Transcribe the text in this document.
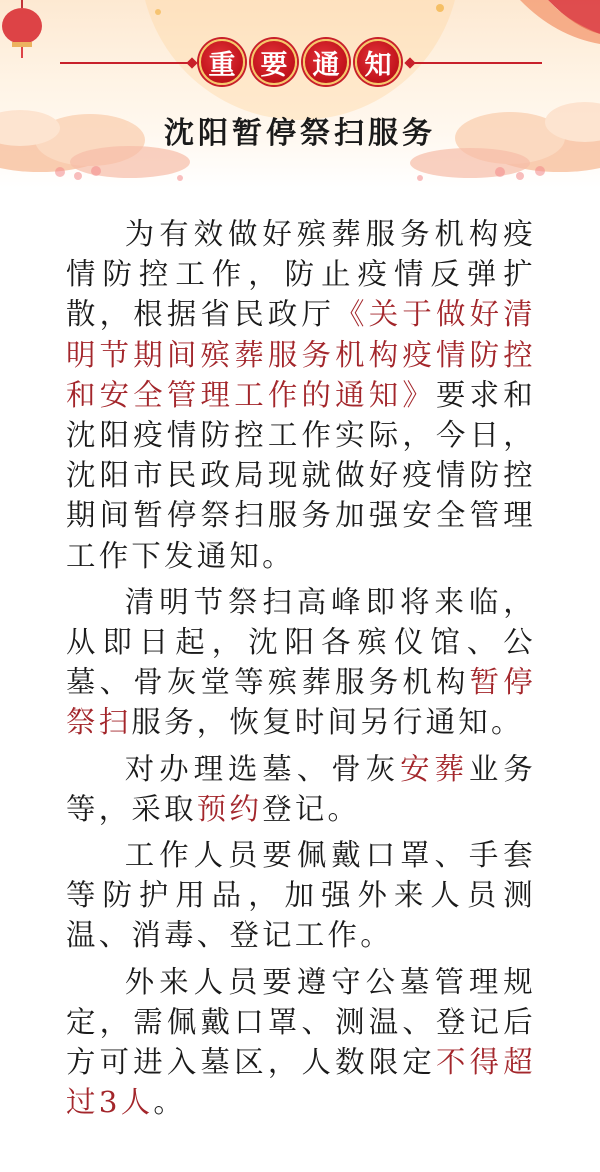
重 要 通 知
沈阳暂停祭扫服务

为有效做好殡葬服务机构疫情防控工作，防止疫情反弹扩散，根据省民政厅《关于做好清明节期间殡葬服务机构疫情防控和安全管理工作的通知》要求和沈阳疫情防控工作实际，今日，沈阳市民政局现就做好疫情防控期间暂停祭扫服务加强安全管理工作下发通知。

清明节祭扫高峰即将来临，从即日起，沈阳各殡仪馆、公墓、骨灰堂等殡葬服务机构暂停祭扫服务，恢复时间另行通知。

对办理选墓、骨灰安葬业务等，采取预约登记。

工作人员要佩戴口罩、手套等防护用品，加强外来人员测温、消毒、登记工作。

外来人员要遵守公墓管理规定，需佩戴口罩、测温、登记后方可进入墓区，人数限定不得超过3人。
